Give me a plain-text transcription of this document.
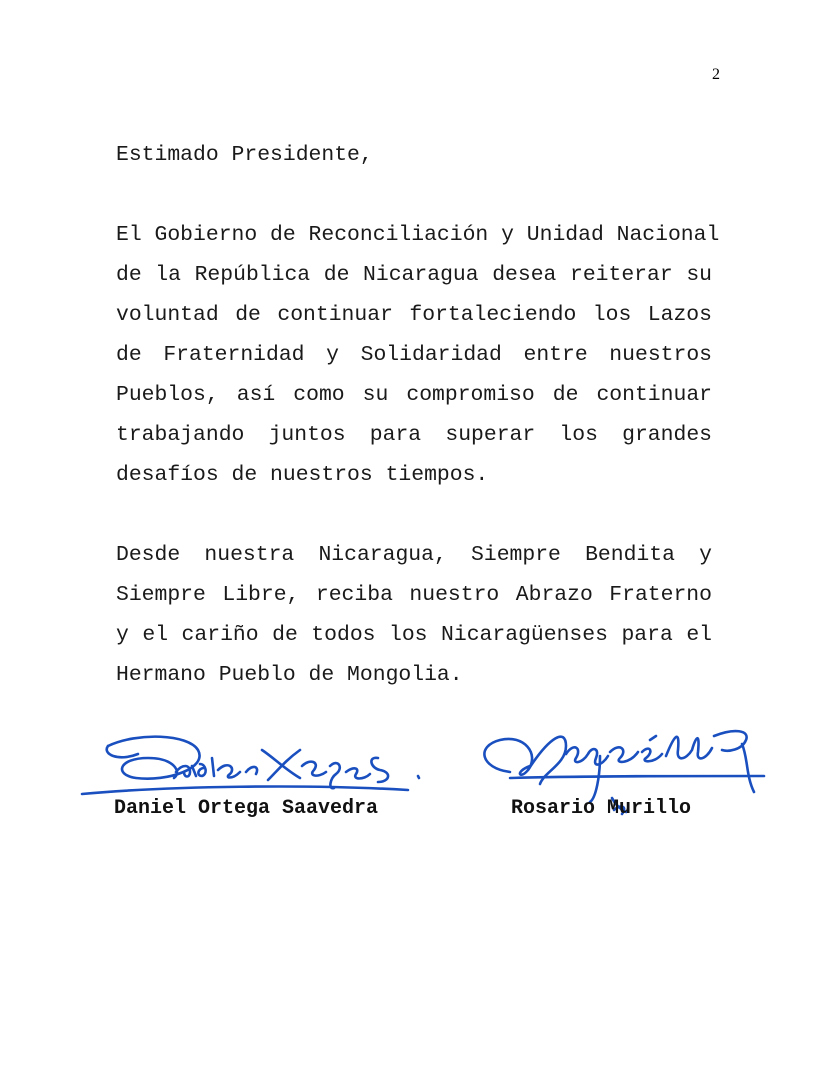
2
Estimado Presidente,
El Gobierno de Reconciliación y Unidad Nacional
de la República de Nicaragua desea reiterar su
voluntad de continuar fortaleciendo los Lazos
de Fraternidad y Solidaridad entre nuestros
Pueblos, así como su compromiso de continuar
trabajando juntos para superar los grandes
desafíos de nuestros tiempos.
Desde nuestra Nicaragua, Siempre Bendita y
Siempre Libre, reciba nuestro Abrazo Fraterno
y el cariño de todos los Nicaragüenses para el
Hermano Pueblo de Mongolia.
Daniel Ortega Saavedra	Rosario Murillo
